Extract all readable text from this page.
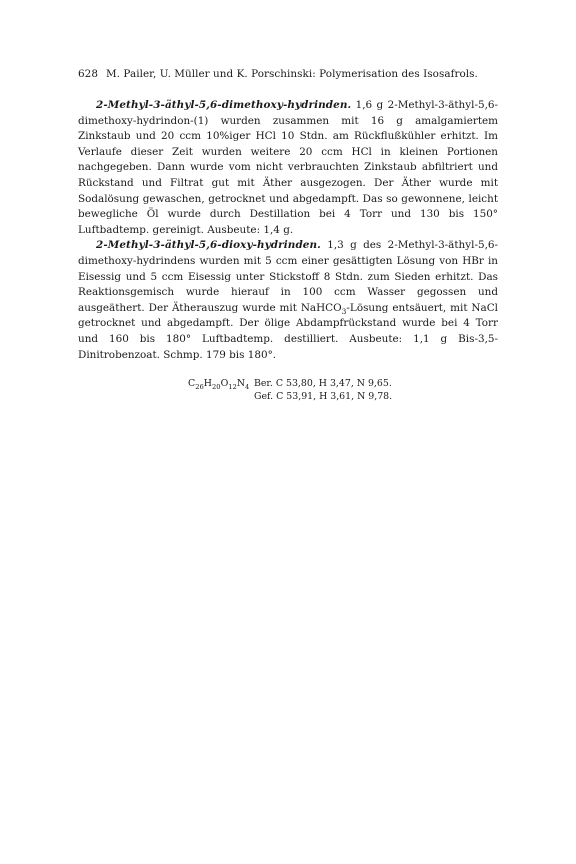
628 M. Pailer, U. Müller und K. Porschinski: Polymerisation des Isosafrols.

2-Methyl-3-äthyl-5,6-dimethoxy-hydrinden. 1,6 g 2-Methyl-3-äthyl-5,6-dimethoxy-hydrindon-(1) wurden zusammen mit 16 g amalgamiertem Zinkstaub und 20 ccm 10%iger HCl 10 Stdn. am Rückflußkühler erhitzt. Im Verlaufe dieser Zeit wurden weitere 20 ccm HCl in kleinen Portionen nachgegeben. Dann wurde vom nicht verbrauchten Zinkstaub abfiltriert und Rückstand und Filtrat gut mit Äther ausgezogen. Der Äther wurde mit Sodalösung gewaschen, getrocknet und abgedampft. Das so gewonnene, leicht bewegliche Öl wurde durch Destillation bei 4 Torr und 130 bis 150° Luftbadtemp. gereinigt. Ausbeute: 1,4 g.

2-Methyl-3-äthyl-5,6-dioxy-hydrinden. 1,3 g des 2-Methyl-3-äthyl-5,6-dimethoxy-hydrindens wurden mit 5 ccm einer gesättigten Lösung von HBr in Eisessig und 5 ccm Eisessig unter Stickstoff 8 Stdn. zum Sieden erhitzt. Das Reaktionsgemisch wurde hierauf in 100 ccm Wasser gegossen und ausgeäthert. Der Ätherauszug wurde mit NaHCO$_3$-Lösung entsäuert, mit NaCl getrocknet und abgedampft. Der ölige Abdampfrückstand wurde bei 4 Torr und 160 bis 180° Luftbadtemp. destilliert. Ausbeute: 1,1 g Bis-3,5-Dinitrobenzoat. Schmp. 179 bis 180°.

$C_{26}H_{20}O_{12}N_4$ Ber. C 53,80, H 3,47, N 9,65.
Gef. C 53,91, H 3,61, N 9,78.
